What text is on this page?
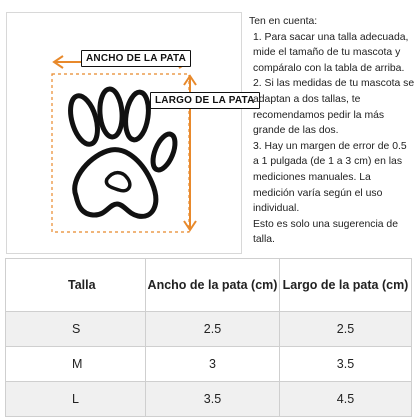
ANCHO DE LA PATA
LARGO DE LA PATA

Ten en cuenta:

1. Para sacar una talla adecuada, mide el tamaño de tu mascota y compáralo con la tabla de arriba.

2. Si las medidas de tu mascota se adaptan a dos tallas, te recomendamos pedir la más grande de las dos.

3. Hay un margen de error de 0.5 a 1 pulgada (de 1 a 3 cm) en las mediciones manuales. La medición varía según el uso individual.

Esto es solo una sugerencia de talla.

Talla	Ancho de la pata (cm)	Largo de la pata (cm)
S	2.5	2.5
M	3	3.5
L	3.5	4.5
